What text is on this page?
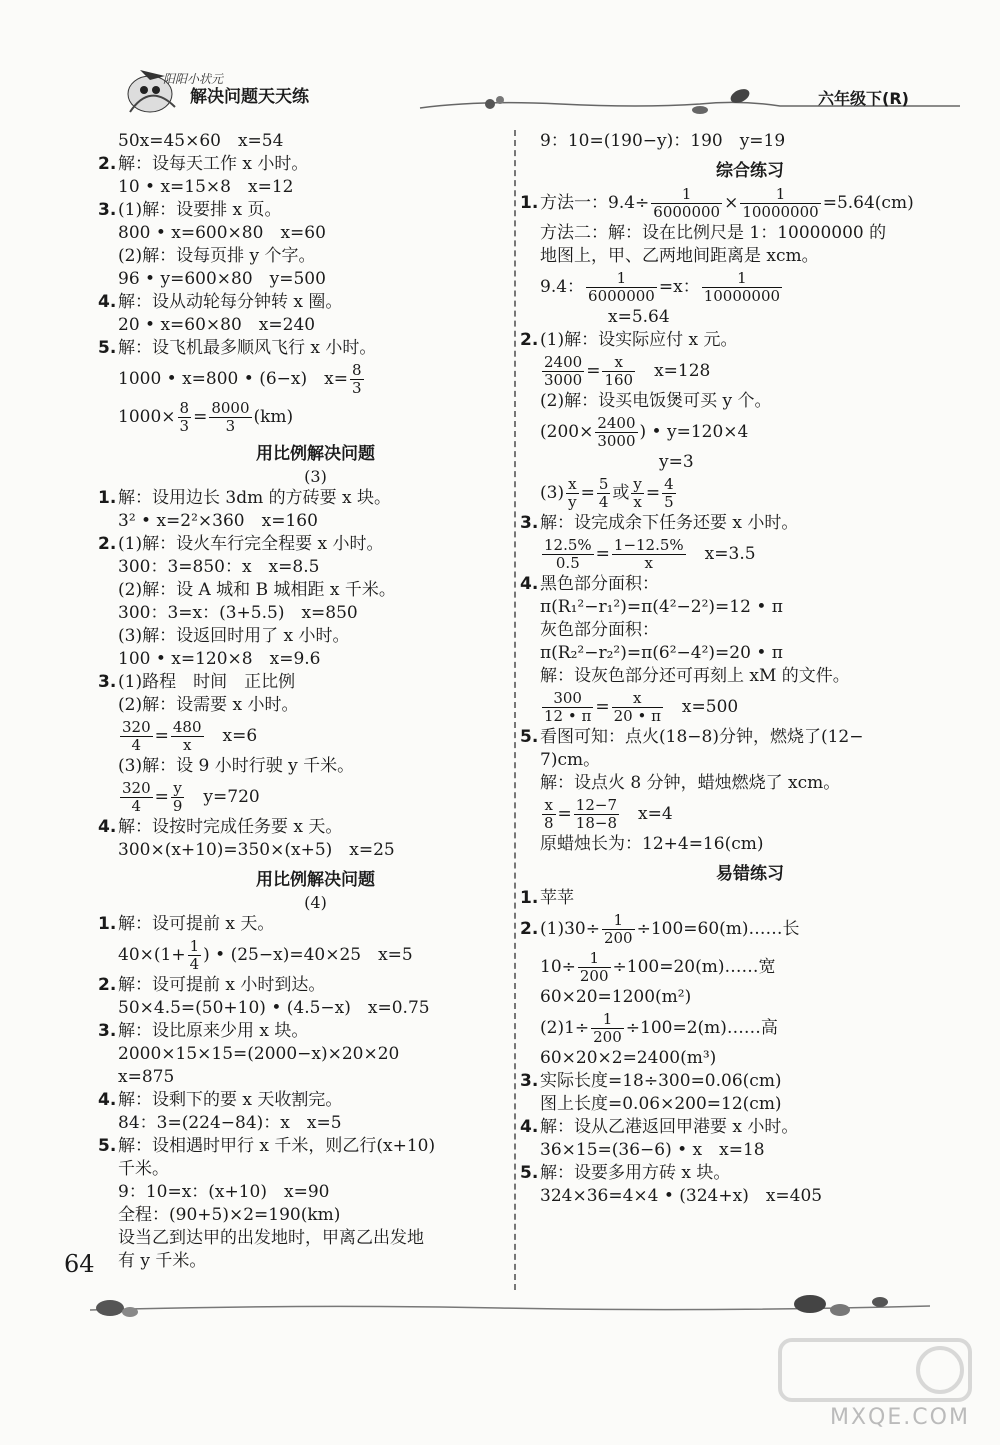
阳阳小状元
解决问题天天练	六年级下(R)
50x=45×60　x=54
2. 解：设每天工作 x 小时。
10 • x=15×8　x=12
3. (1)解：设要排 x 页。
800 • x=600×80　x=60
(2)解：设每页排 y 个字。
96 • y=600×80　y=500
4. 解：设从动轮每分钟转 x 圈。
20 • x=60×80　x=240
5. 解：设飞机最多顺风飞行 x 小时。
1000 • x=800 • (6−x)　$x= \frac{8}{3}$
$1000\times \frac{8}{3} = \frac{8000}{3} (km)$
用比例解决问题
(3)
1. 解：设用边长 3dm 的方砖要 x 块。
3² • x=2²×360　x=160
2. (1)解：设火车行完全程要 x 小时。
300：3=850：x　x=8.5
(2)解：设 A 城和 B 城相距 x 千米。
300：3=x：(3+5.5)　x=850
(3)解：设返回时用了 x 小时。
100 • x=120×8　x=9.6
3. (1)路程　时间　正比例
(2)解：设需要 x 小时。
$\frac{320}{4} = \frac{480}{x}$ 　x=6
(3)解：设 9 小时行驶 y 千米。
$\frac{320}{4} = \frac{y}{9}$ 　y=720
4. 解：设按时完成任务要 x 天。
300×(x+10)=350×(x+5)　x=25
用比例解决问题
(4)
1. 解：设可提前 x 天。
$40\times(1+ \frac{1}{4}$ ) • (25−x)=40×25　x=5
2. 解：设可提前 x 小时到达。
50×4.5=(50+10) • (4.5−x)　x=0.75
3. 解：设比原来少用 x 块。
2000×15×15=(2000−x)×20×20
x=875
4. 解：设剩下的要 x 天收割完。
84：3=(224−84)：x　x=5
5. 解：设相遇时甲行 x 千米，则乙行(x+10)
千米。
9：10=x：(x+10)　x=90
全程：(90+5)×2=190(km)
设当乙到达甲的出发地时，甲离乙出发地
有 y 千米。
9：10=(190−y)：190　y=19
综合练习
1. 方法一：$9.4\div \frac{1}{6000000} \times \frac{1}{10000000} =5.64(cm)$
方法二：解：设在比例尺是 1：10000000 的
地图上，甲、乙两地间距离是 xcm。
9.4： $\frac{1}{6000000} =x$： $\frac{1}{10000000}$
　　　　x=5.64
2. (1)解：设实际应付 x 元。
$\frac{2400}{3000} = \frac{x}{160}$ 　x=128
(2)解：设买电饭煲可买 y 个。
($200\times \frac{2400}{3000}$ ) • y=120×4
　　　　　　　y=3
$(3) \frac{x}{y} = \frac{5}{4}$ 或 $\frac{y}{x} = \frac{4}{5}$
3. 解：设完成余下任务还要 x 小时。
$\frac{12.5\%}{0.5} = \frac{1-12.5\%}{x}$ 　x=3.5
4. 黑色部分面积：
π(R₁²−r₁²)=π(4²−2²)=12 • π
灰色部分面积：
π(R₂²−r₂²)=π(6²−4²)=20 • π
解：设灰色部分还可再刻上 xM 的文件。
$\frac{300}{12 • \pi} = \frac{x}{20 • \pi}$ 　x=500
5. 看图可知：点火(18−8)分钟，燃烧了(12−
7)cm。
解：设点火 8 分钟，蜡烛燃烧了 xcm。
$\frac{x}{8} = \frac{12-7}{18-8}$ 　x=4
原蜡烛长为：12+4=16(cm)
易错练习
1. 苹苹
2. $(1)30\div \frac{1}{200}$ ÷100=60(m)……长
$10\div \frac{1}{200}$ ÷100=20(m)……宽
60×20=1200(m²)
$(2)1\div \frac{1}{200}$ ÷100=2(m)……高
60×20×2=2400(m³)
3. 实际长度=18÷300=0.06(cm)
图上长度=0.06×200=12(cm)
4. 解：设从乙港返回甲港要 x 小时。
36×15=(36−6) • x　x=18
5. 解：设要多用方砖 x 块。
324×36=4×4 • (324+x)　x=405
64
MXQE.COM
